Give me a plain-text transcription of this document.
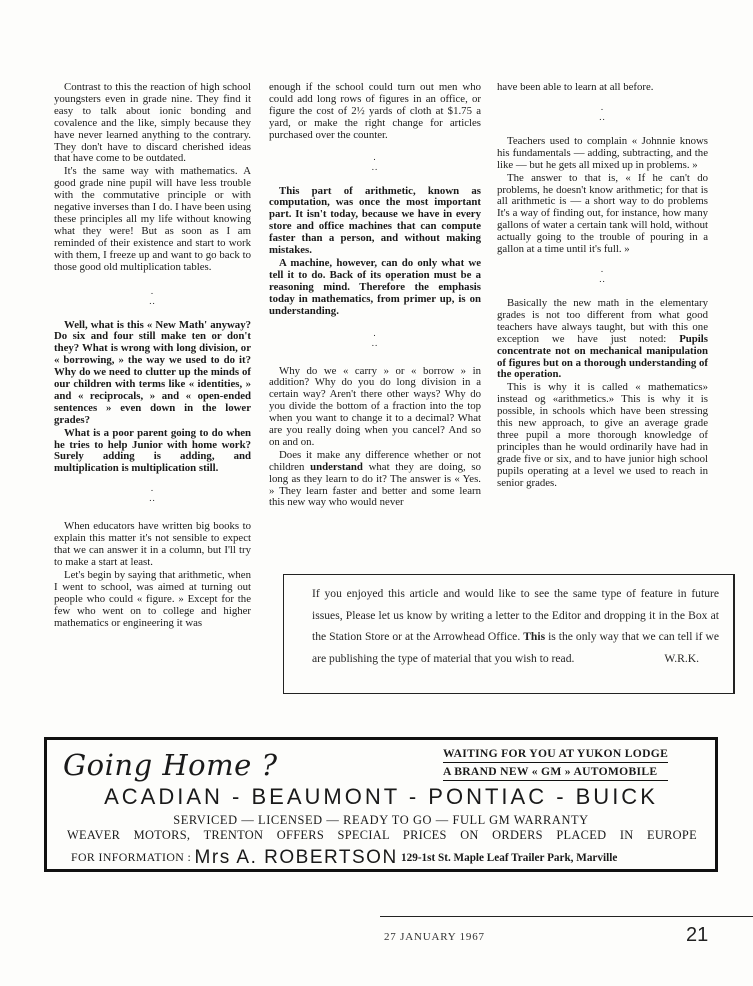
Contrast to this the reaction of high school youngsters even in grade nine. They find it easy to talk about ionic bonding and covalence and the like, simply because they have never learned anything to the contrary. They don't have to discard cherished ideas that have come to be outdated.

It's the same way with mathematics. A good grade nine pupil will have less trouble with the commutative principle or with negative inverses than I do. I have been using these principles all my life without knowing what they were! But as soon as I am reminded of their existence and start to work with them, I freeze up and want to go back to those good old multiplication tables.

.
..

Well, what is this « New Math' anyway? Do six and four still make ten or don't they? What is wrong with long division, or « borrowing, » the way we used to do it? Why do we need to clutter up the minds of our children with terms like « identities, » and « reciprocals, » and « open-ended sentences » even down in the lower grades?

What is a poor parent going to do when he tries to help Junior with home work? Surely adding is adding, and multiplication is multiplication still.

.
..

When educators have written big books to explain this matter it's not sensible to expect that we can answer it in a column, but I'll try to make a start at least.

Let's begin by saying that arithmetic, when I went to school, was aimed at turning out people who could « figure. » Except for the few who went on to college and higher mathematics or engineering it was

enough if the school could turn out men who could add long rows of figures in an office, or figure the cost of 2½ yards of cloth at $1.75 a yard, or make the right change for articles purchased over the counter.

.
..

This part of arithmetic, known as computation, was once the most important part. It isn't today, because we have in every store and office machines that can compute faster than a person, and without making mistakes.

A machine, however, can do only what we tell it to do. Back of its operation must be a reasoning mind. Therefore the emphasis today in mathematics, from primer up, is on understanding.

.
..

Why do we « carry » or « borrow » in addition? Why do you do long division in a certain way? Aren't there other ways? Why do you divide the bottom of a fraction into the top when you want to change it to a decimal? What are you really doing when you cancel? And so on and on.

Does it make any difference whether or not children understand what they are doing, so long as they learn to do it? The answer is « Yes. » They learn faster and better and some learn this new way who would never

have been able to learn at all before.

.
..

Teachers used to complain « Johnnie knows his fundamentals — adding, subtracting, and the like — but he gets all mixed up in problems. »

The answer to that is, « If he can't do problems, he doesn't know arithmetic; for that is all arithmetic is — a short way to do problems It's a way of finding out, for instance, how many gallons of water a certain tank will hold, without actually going to the trouble of pouring in a gallon at a time until it's full. »

.
..

Basically the new math in the elementary grades is not too different from what good teachers have always taught, but with this one exception we have just noted: Pupils concentrate not on mechanical manipulation of figures but on a thorough understanding of the operation.

This is why it is called « mathematics» instead og «arithmetics.» This is why it is possible, in schools which have been stressing this new approach, to give an average grade three pupil a more thorough knowledge of principles than he would ordinarily have had in grade five or six, and to have junior high school pupils operating at a level we used to reach in senior grades.

If you enjoyed this article and would like to see the same type of feature in future issues, Please let us know by writing a letter to the Editor and dropping it in the Box at the Station Store or at the Arrowhead Office. This is the only way that we can tell if we are publishing the type of material that you wish to read.	W.R.K.
Going Home ?	WAITING FOR YOU AT YUKON LODGE
A BRAND NEW « GM » AUTOMOBILE
ACADIAN - BEAUMONT - PONTIAC - BUICK
SERVICED — LICENSED — READY TO GO — FULL GM WARRANTY
WEAVER MOTORS, TRENTON OFFERS SPECIAL PRICES ON ORDERS PLACED IN EUROPE
FOR INFORMATION : Mrs A. ROBERTSON 129-1st St. Maple Leaf Trailer Park, Marville
27 JANUARY 1967	21
